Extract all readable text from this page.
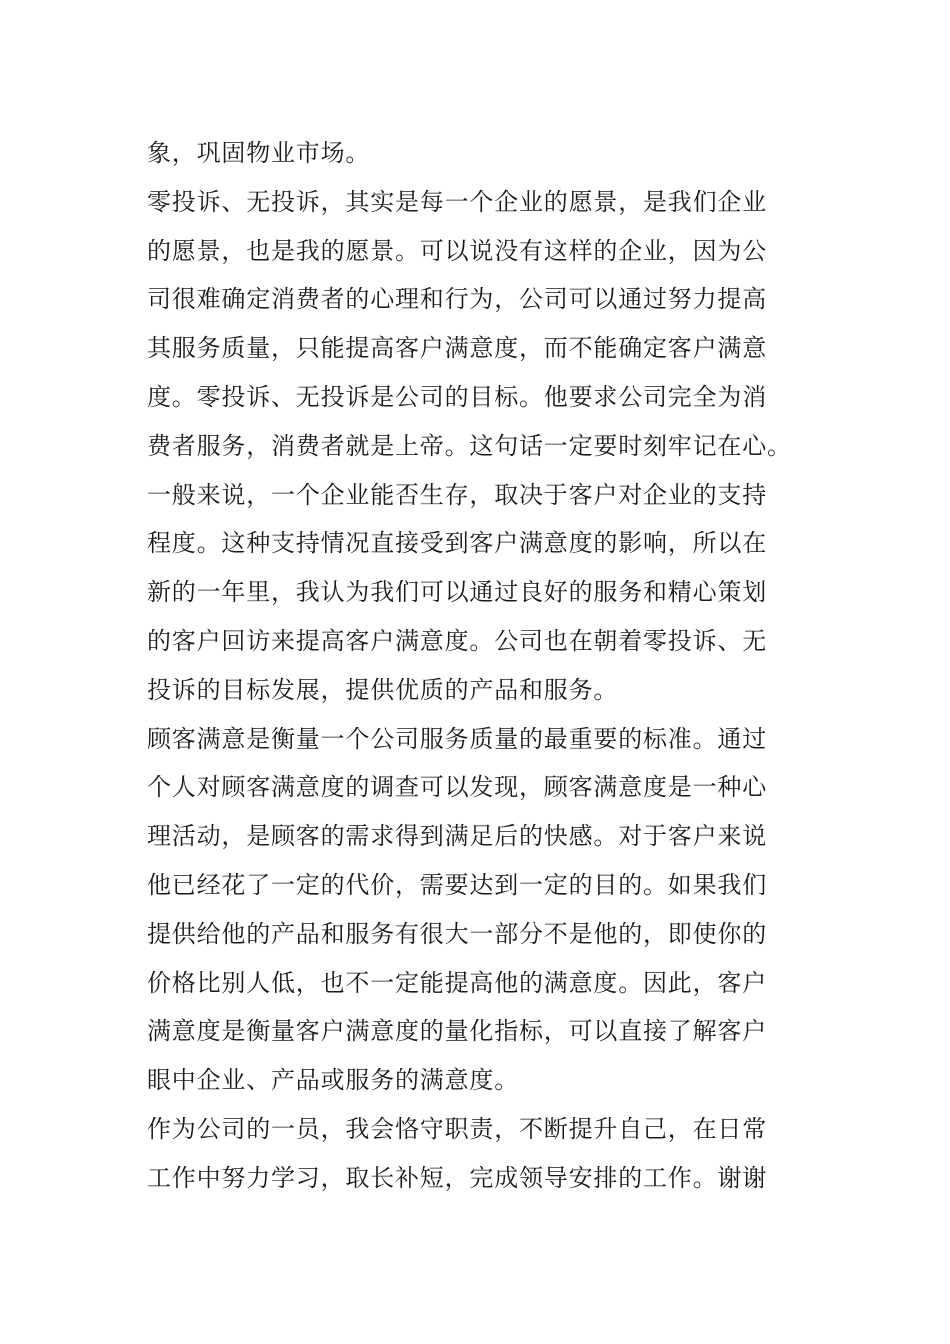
象，巩固物业市场。
零投诉、无投诉，其实是每一个企业的愿景，是我们企业
的愿景，也是我的愿景。可以说没有这样的企业，因为公
司很难确定消费者的心理和行为，公司可以通过努力提高
其服务质量，只能提高客户满意度，而不能确定客户满意
度。零投诉、无投诉是公司的目标。他要求公司完全为消
费者服务，消费者就是上帝。这句话一定要时刻牢记在心。
一般来说，一个企业能否生存，取决于客户对企业的支持
程度。这种支持情况直接受到客户满意度的影响，所以在
新的一年里，我认为我们可以通过良好的服务和精心策划
的客户回访来提高客户满意度。公司也在朝着零投诉、无
投诉的目标发展，提供优质的产品和服务。
顾客满意是衡量一个公司服务质量的最重要的标准。通过
个人对顾客满意度的调查可以发现，顾客满意度是一种心
理活动，是顾客的需求得到满足后的快感。对于客户来说
他已经花了一定的代价，需要达到一定的目的。如果我们
提供给他的产品和服务有很大一部分不是他的，即使你的
价格比别人低，也不一定能提高他的满意度。因此，客户
满意度是衡量客户满意度的量化指标，可以直接了解客户
眼中企业、产品或服务的满意度。
作为公司的一员，我会恪守职责，不断提升自己，在日常
工作中努力学习，取长补短，完成领导安排的工作。谢谢
